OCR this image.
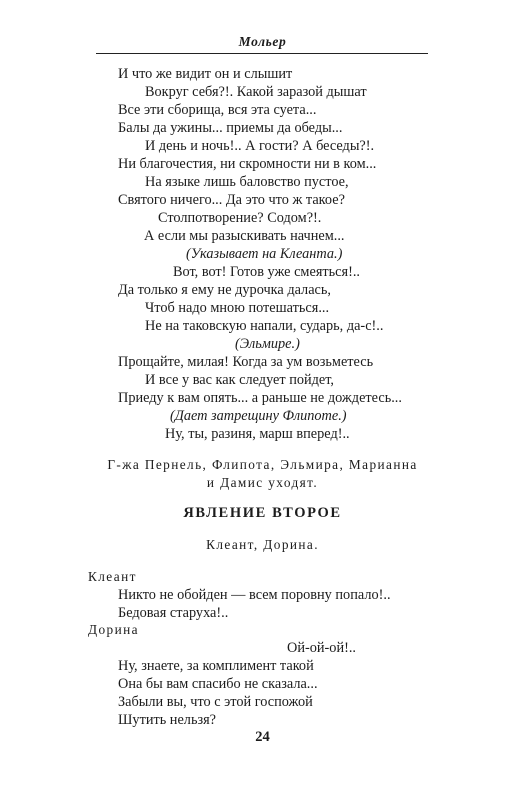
Мольер
И что же видит он и слышит
Вокруг себя?!. Какой заразой дышат
Все эти сборища, вся эта суета...
Балы да ужины... приемы да обеды...
И день и ночь!.. А гости? А беседы?!.
Ни благочестия, ни скромности ни в ком...
На языке лишь баловство пустое,
Святого ничего... Да это что ж такое?
Столпотворение? Содом?!.
А если мы разыскивать начнем...
(Указывает на Клеанта.)
Вот, вот! Готов уже смеяться!..
Да только я ему не дурочка далась,
Чтоб надо мною потешаться...
Не на таковскую напали, сударь, да-с!..
(Эльмире.)
Прощайте, милая! Когда за ум возьметесь
И все у вас как следует пойдет,
Приеду к вам опять... а раньше не дождетесь...
(Дает затрещину Флипоте.)
Ну, ты, разиня, марш вперед!..
Г-жа Пернель, Флипота, Эльмира, Марианна
и Дамис уходят.
ЯВЛЕНИЕ ВТОРОЕ
Клеант, Дорина.
Клеант
Никто не обойден — всем поровну попало!..
Бедовая старуха!..
Дорина
Ой-ой-ой!..
Ну, знаете, за комплимент такой
Она бы вам спасибо не сказала...
Забыли вы, что с этой госпожой
Шутить нельзя?
24
